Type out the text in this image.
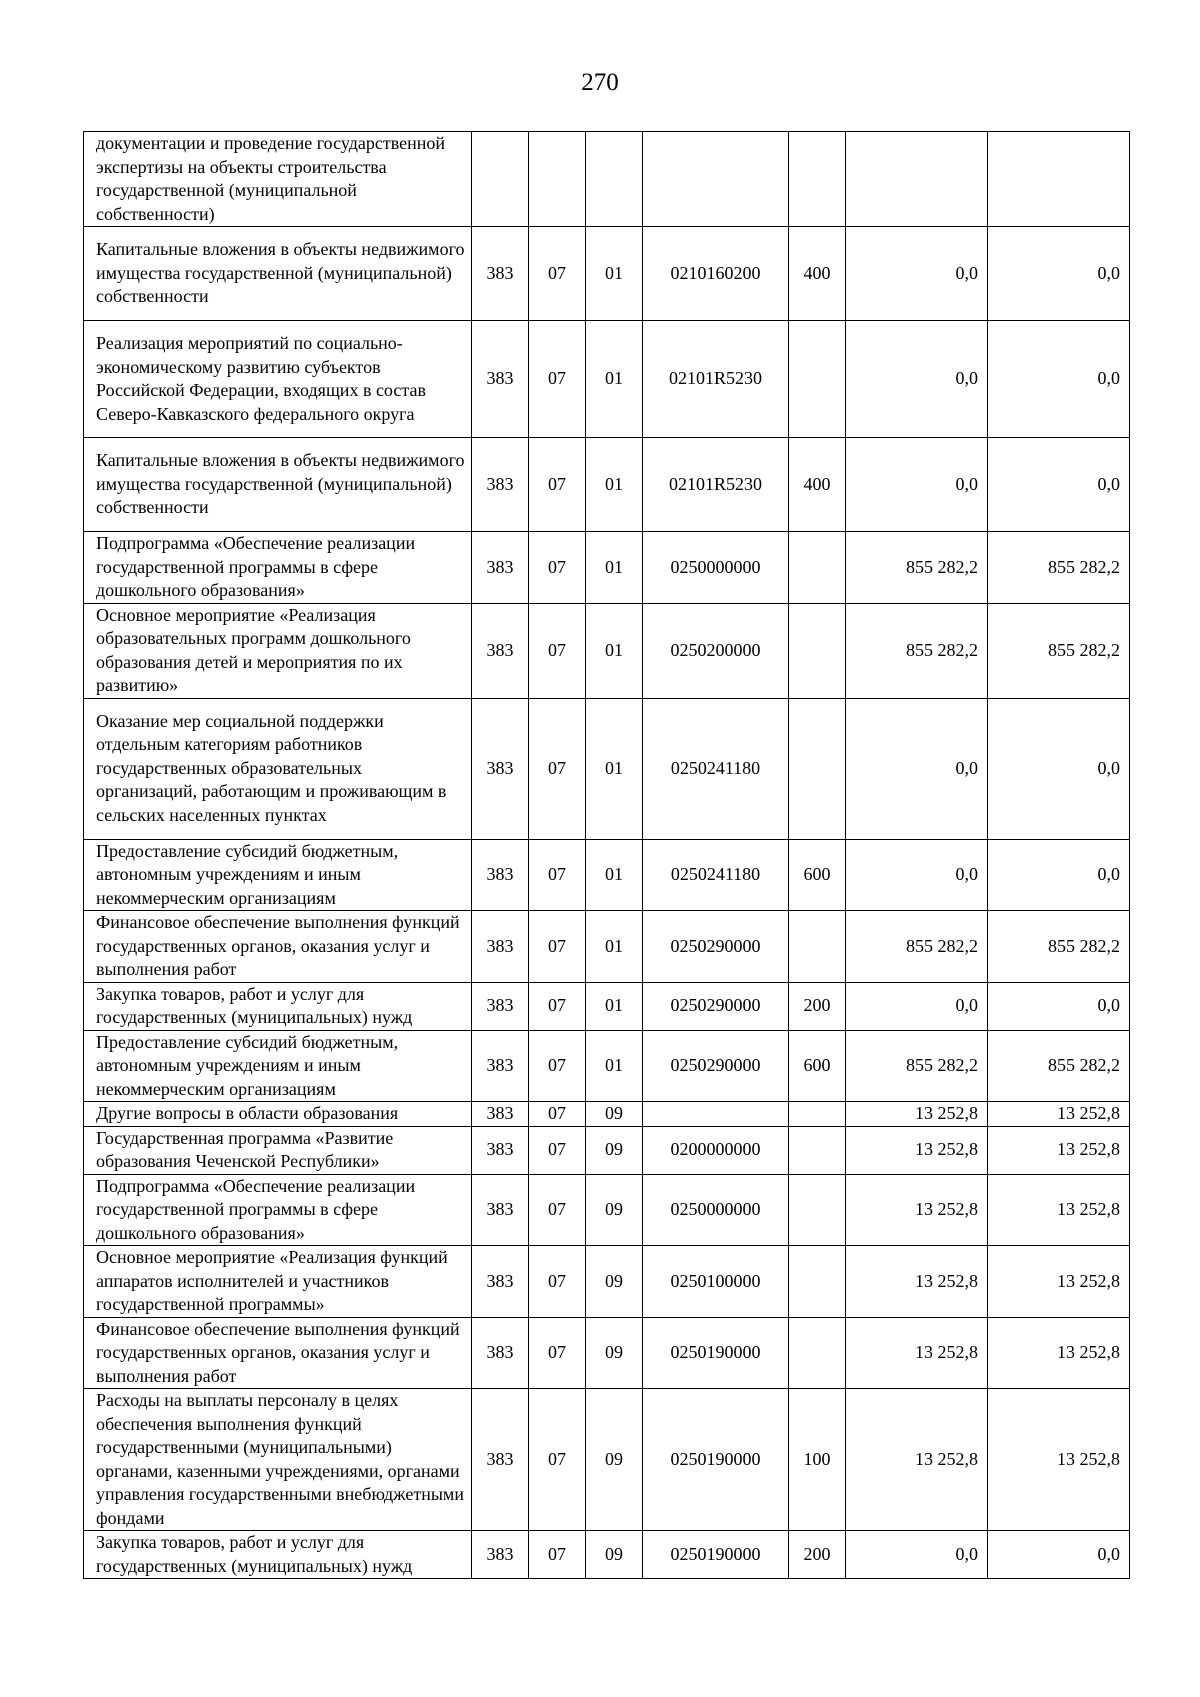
270
документации и проведение государственной экспертизы на объекты строительства государственной (муниципальной собственности)							
Капитальные вложения в объекты недвижимого имущества государственной (муниципальной) собственности	383	07	01	0210160200	400	0,0	0,0
Реализация мероприятий по социально-экономическому развитию субъектов Российской Федерации, входящих в состав Северо-Кавказского федерального округа	383	07	01	02101R5230		0,0	0,0
Капитальные вложения в объекты недвижимого имущества государственной (муниципальной) собственности	383	07	01	02101R5230	400	0,0	0,0
Подпрограмма «Обеспечение реализации государственной программы в сфере дошкольного образования»	383	07	01	0250000000		855 282,2	855 282,2
Основное мероприятие «Реализация образовательных программ дошкольного образования детей и мероприятия по их развитию»	383	07	01	0250200000		855 282,2	855 282,2
Оказание мер социальной поддержки отдельным категориям работников государственных образовательных организаций, работающим и проживающим в сельских населенных пунктах	383	07	01	0250241180		0,0	0,0
Предоставление субсидий бюджетным, автономным учреждениям и иным некоммерческим организациям	383	07	01	0250241180	600	0,0	0,0
Финансовое обеспечение выполнения функций государственных органов, оказания услуг и выполнения работ	383	07	01	0250290000		855 282,2	855 282,2
Закупка товаров, работ и услуг для государственных (муниципальных) нужд	383	07	01	0250290000	200	0,0	0,0
Предоставление субсидий бюджетным, автономным учреждениям и иным некоммерческим организациям	383	07	01	0250290000	600	855 282,2	855 282,2
Другие вопросы в области образования	383	07	09			13 252,8	13 252,8
Государственная программа «Развитие образования Чеченской Республики»	383	07	09	0200000000		13 252,8	13 252,8
Подпрограмма «Обеспечение реализации государственной программы в сфере дошкольного образования»	383	07	09	0250000000		13 252,8	13 252,8
Основное мероприятие «Реализация функций аппаратов исполнителей и участников государственной программы»	383	07	09	0250100000		13 252,8	13 252,8
Финансовое обеспечение выполнения функций государственных органов, оказания услуг и выполнения работ	383	07	09	0250190000		13 252,8	13 252,8
Расходы на выплаты персоналу в целях обеспечения выполнения функций государственными (муниципальными) органами, казенными учреждениями, органами управления государственными внебюджетными фондами	383	07	09	0250190000	100	13 252,8	13 252,8
Закупка товаров, работ и услуг для государственных (муниципальных) нужд	383	07	09	0250190000	200	0,0	0,0
